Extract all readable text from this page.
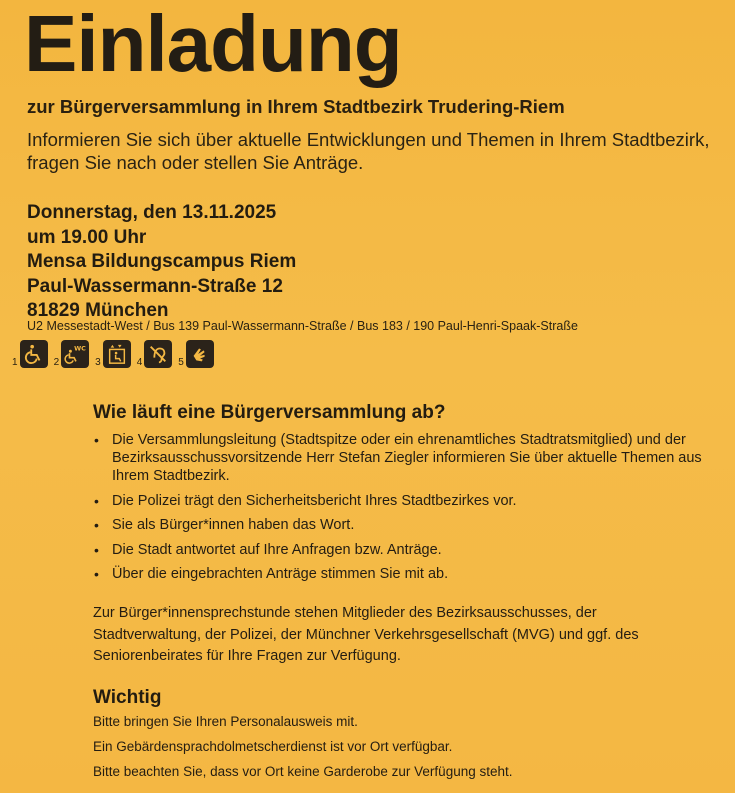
Einladung
zur Bürgerversammlung in Ihrem Stadtbezirk Trudering-Riem
Informieren Sie sich über aktuelle Entwicklungen und Themen in Ihrem Stadtbezirk, fragen Sie nach oder stellen Sie Anträge.
Donnerstag, den 13.11.2025
um 19.00 Uhr
Mensa Bildungscampus Riem
Paul-Wassermann-Straße 12
81829 München
U2 Messestadt-West / Bus 139 Paul-Wassermann-Straße / Bus 183 / 190 Paul-Henri-Spaak-Straße
1	2
WC
3	4	5
Wie läuft eine Bürgerversammlung ab?
• Die Versammlungsleitung (Stadtspitze oder ein ehrenamtliches Stadtratsmitglied) und der Bezirksausschussvorsitzende Herr Stefan Ziegler informieren Sie über aktuelle Themen aus Ihrem Stadtbezirk.
• Die Polizei trägt den Sicherheitsbericht Ihres Stadtbezirkes vor.
• Sie als Bürger*innen haben das Wort.
• Die Stadt antwortet auf Ihre Anfragen bzw. Anträge.
• Über die eingebrachten Anträge stimmen Sie mit ab.
Zur Bürger*innensprechstunde stehen Mitglieder des Bezirksausschusses, der Stadtverwaltung, der Polizei, der Münchner Verkehrsgesellschaft (MVG) und ggf. des Seniorenbeirates für Ihre Fragen zur Verfügung.
Wichtig
Bitte bringen Sie Ihren Personalausweis mit.
Ein Gebärdensprachdolmetscherdienst ist vor Ort verfügbar.
Bitte beachten Sie, dass vor Ort keine Garderobe zur Verfügung steht.
